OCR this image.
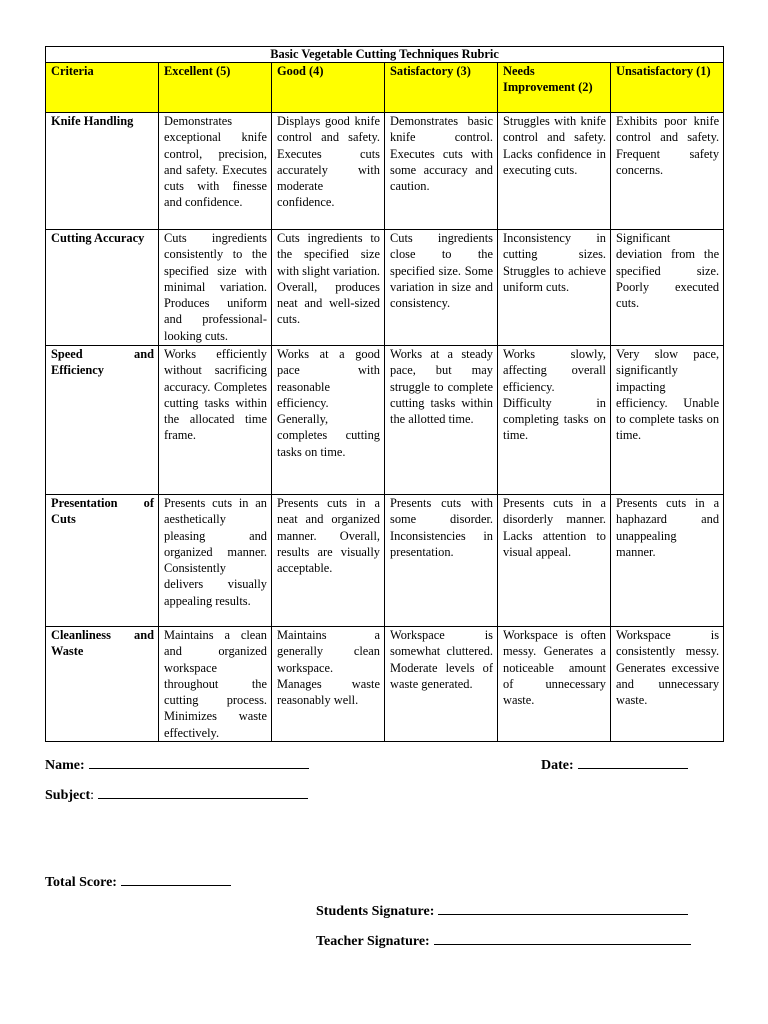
Basic Vegetable Cutting Techniques Rubric					
Criteria	Excellent (5)	Good (4)	Satisfactory (3)	Needs Improvement (2)	Unsatisfactory (1)
Knife Handling	Demonstrates exceptional knife control, precision, and safety. Executes cuts with finesse and confidence.	Displays good knife control and safety. Executes cuts accurately with moderate confidence.	Demonstrates basic knife control. Executes cuts with some accuracy and caution.	Struggles with knife control and safety. Lacks confidence in executing cuts.	Exhibits poor knife control and safety. Frequent safety concerns.
Cutting Accuracy	Cuts ingredients consistently to the specified size with minimal variation. Produces uniform and professional-looking cuts.	Cuts ingredients to the specified size with slight variation. Overall, produces neat and well-sized cuts.	Cuts ingredients close to the specified size. Some variation in size and consistency.	Inconsistency in cutting sizes. Struggles to achieve uniform cuts.	Significant deviation from the specified size. Poorly executed cuts.
Speed and Efficiency	Works efficiently without sacrificing accuracy. Completes cutting tasks within the allocated time frame.	Works at a good pace with reasonable efficiency. Generally, completes cutting tasks on time.	Works at a steady pace, but may struggle to complete cutting tasks within the allotted time.	Works slowly, affecting overall efficiency. Difficulty in completing tasks on time.	Very slow pace, significantly impacting efficiency. Unable to complete tasks on time.
Presentation of Cuts	Presents cuts in an aesthetically pleasing and organized manner. Consistently delivers visually appealing results.	Presents cuts in a neat and organized manner. Overall, results are visually acceptable.	Presents cuts with some disorder. Inconsistencies in presentation.	Presents cuts in a disorderly manner. Lacks attention to visual appeal.	Presents cuts in a haphazard and unappealing manner.
Cleanliness and Waste	Maintains a clean and organized workspace throughout the cutting process. Minimizes waste effectively.	Maintains a generally clean workspace. Manages waste reasonably well.	Workspace is somewhat cluttered. Moderate levels of waste generated.	Workspace is often messy. Generates a noticeable amount of unnecessary waste.	Workspace is consistently messy. Generates excessive and unnecessary waste.
Name:	Date:
Subject:
Total Score:
Students Signature:
Teacher Signature:
